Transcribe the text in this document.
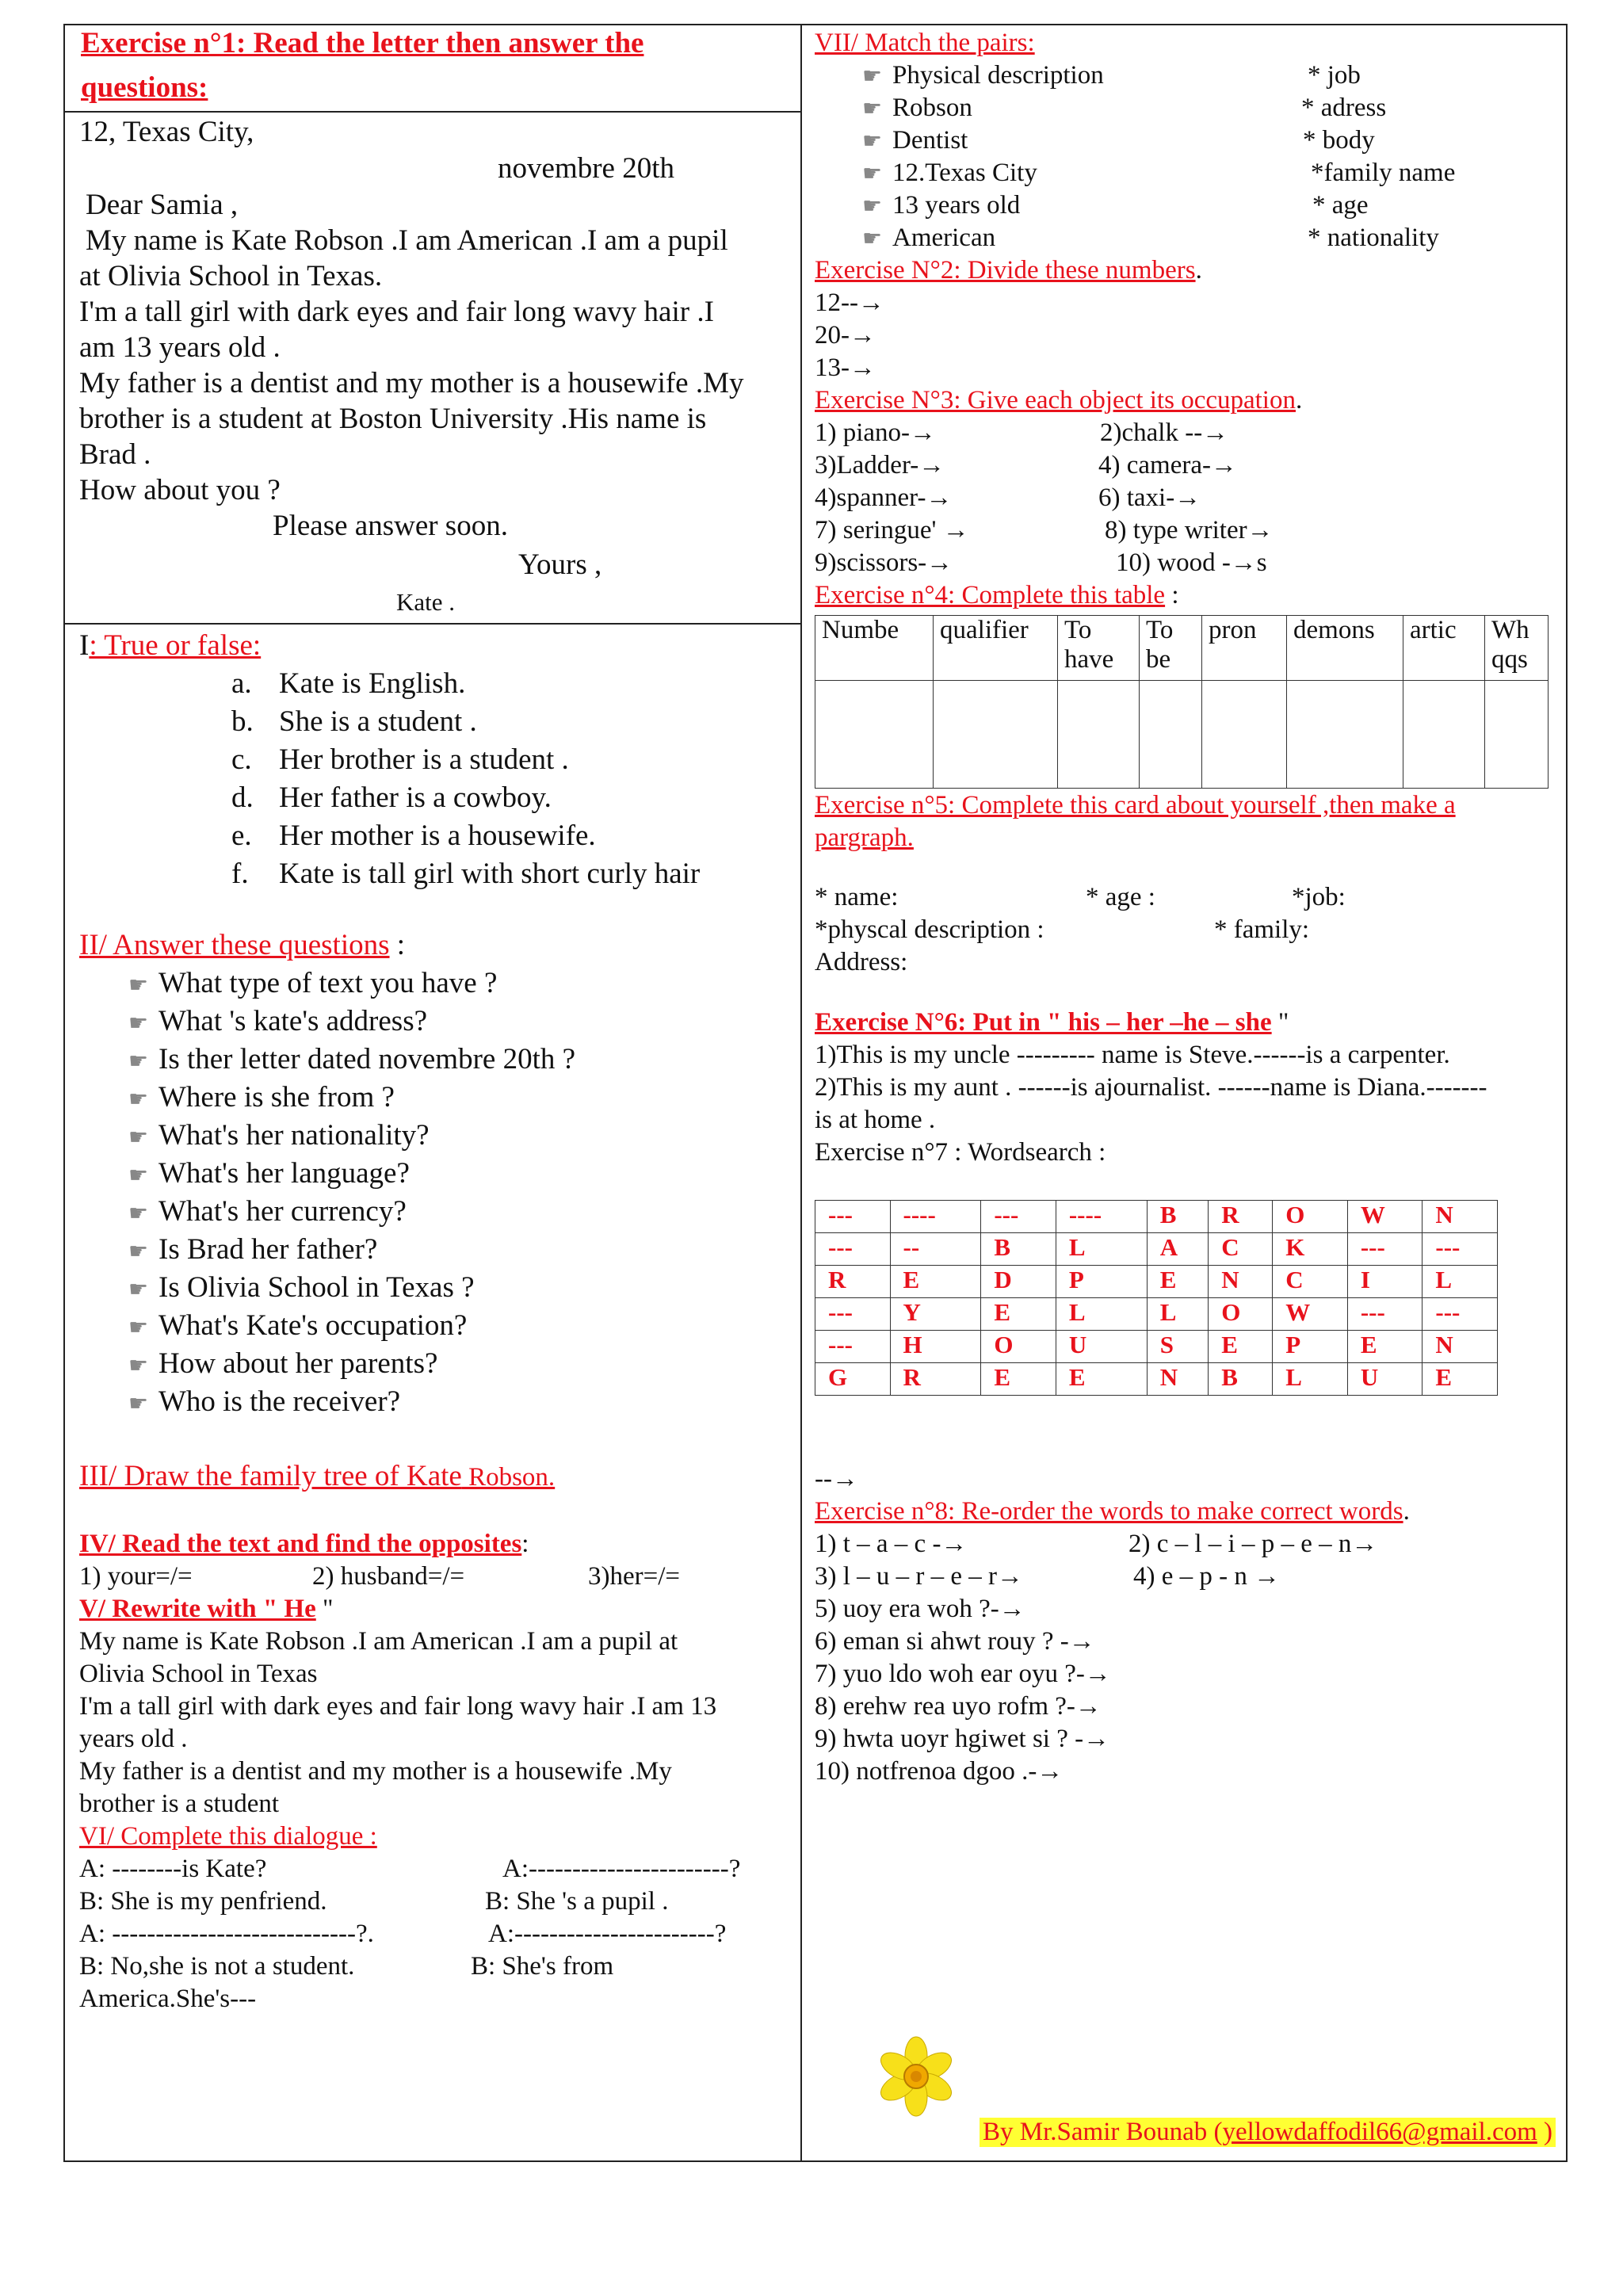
Exercise n°1: Read the letter then answer the
questions:
12, Texas City,
novembre 20th
Dear Samia ,
My name is Kate Robson .I am American .I am a pupil
at Olivia School in Texas.
I'm a tall girl with dark eyes and fair long wavy hair .I
am 13 years old .
My father is a dentist and my mother is a housewife .My
brother is a student at Boston University .His name is
Brad .
How about you ?
Please answer soon.
Yours ,
Kate .
I: True or false:
a. Kate is English.
b. She is a student .
c. Her brother is a student .
d. Her father is a cowboy.
e. Her mother is a housewife.
f. Kate is tall girl with short curly hair
II/ Answer these questions :
☛ What type of text you have ?
☛ What 's kate's address?
☛ Is ther letter dated novembre 20th ?
☛ Where is she from ?
☛ What's her nationality?
☛ What's her language?
☛ What's her currency?
☛ Is Brad her father?
☛ Is Olivia School in Texas ?
☛ What's Kate's occupation?
☛ How about her parents?
☛ Who is the receiver?
III/ Draw the family tree of Kate Robson.
IV/ Read the text and find the opposites:
1) your=/=	2) husband=/=	3)her=/=
V/ Rewrite with " He "
My name is Kate Robson .I am American .I am a pupil at
Olivia School in Texas
I'm a tall girl with dark eyes and fair long wavy hair .I am 13
years old .
My father is a dentist and my mother is a housewife .My
brother is a student
VI/ Complete this dialogue :
A: --------is Kate?	A:-----------------------?
B: She is my penfriend.	B: She 's a pupil .
A: ----------------------------?.	A:-----------------------?
B: No,she is not a student.	B: She's from
America.She's---
VII/ Match the pairs:
☛ Physical description
☛ Robson
☛ Dentist
☛ 12.Texas City
☛ 13 years old
☛ American
* job
* adress
* body
*family name
* age
* nationality
Exercise N°2: Divide these numbers.
12--→
20-→
13-→
Exercise N°3: Give each object its occupation.
1) piano-→	2)chalk --→
3)Ladder-→	4) camera-→
4)spanner-→	6) taxi-→
7) seringue' →	8) type writer→
9)scissors-→	10) wood -→s
Exercise n°4: Complete this table :
Numbe	qualifier	To have	To be	pron	demons	artic	Wh qqs

Exercise n°5: Complete this card about yourself ,then make a
pargraph.
* name:	* age :	*job:
*physcal description :	* family:
Address:
Exercise N°6: Put in " his – her –he – she "
1)This is my uncle --------- name is Steve.------is a carpenter.
2)This is my aunt . ------is ajournalist. ------name is Diana.-------
is at home .
Exercise n°7 : Wordsearch :
---	----	---	----	B	R	O	W	N
---	--	B	L	A	C	K	---	---
R	E	D	P	E	N	C	I	L
---	Y	E	L	L	O	W	---	---
---	H	O	U	S	E	P	E	N
G	R	E	E	N	B	L	U	E
--→
Exercise n°8: Re-order the words to make correct words.
1) t – a – c -→	2) c – l – i – p – e – n→
3) l – u – r – e – r→	4) e – p - n →
5) uoy era woh ?-→
6) eman si ahwt rouy ? -→
7) yuo ldo woh ear oyu ?-→
8) erehw rea uyo rofm ?-→
9) hwta uoyr hgiwet si ? -→
10) notfrenoa dgoo .-→
By Mr.Samir Bounab (yellowdaffodil66@gmail.com )
